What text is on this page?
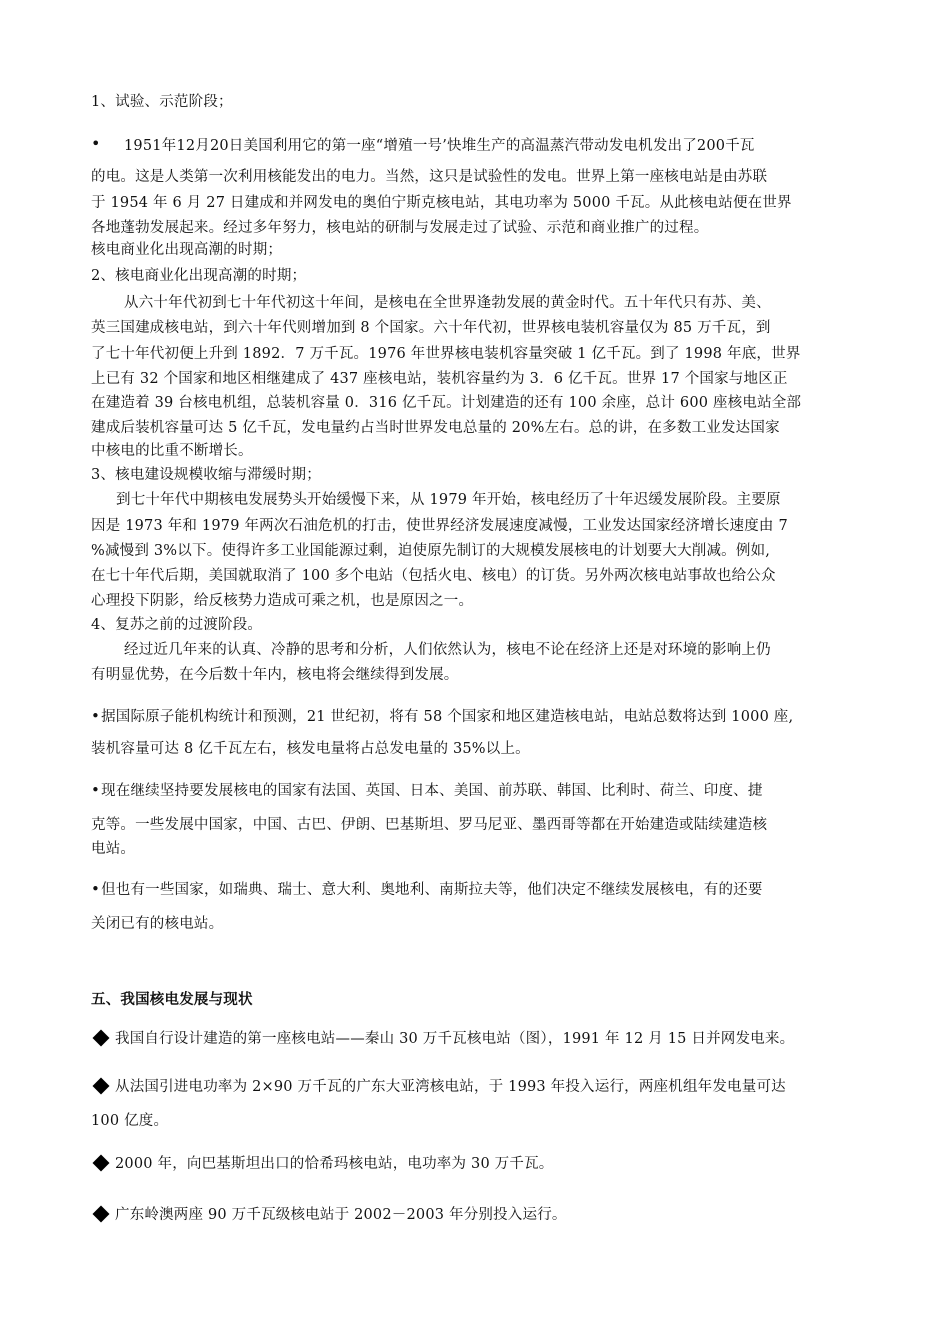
1、试验、示范阶段；
• 1951年12月20日美国利用它的第一座“增殖一号’快堆生产的高温蒸汽带动发电机发出了200千瓦
的电。这是人类第一次利用核能发出的电力。当然，这只是试验性的发电。世界上第一座核电站是由苏联
于 1954 年 6 月 27 日建成和并网发电的奥伯宁斯克核电站，其电功率为 5000 千瓦。从此核电站便在世界
各地蓬勃发展起来。经过多年努力，核电站的研制与发展走过了试验、示范和商业推广的过程。
核电商业化出现高潮的时期；
2、核电商业化出现高潮的时期；
从六十年代初到七十年代初这十年间，是核电在全世界逢勃发展的黄金时代。五十年代只有苏、美、
英三国建成核电站，到六十年代则增加到 8 个国家。六十年代初，世界核电装机容量仅为 85 万千瓦，到
了七十年代初便上升到 1892．7 万千瓦。1976 年世界核电装机容量突破 1 亿千瓦。到了 1998 年底，世界
上已有 32 个国家和地区相继建成了 437 座核电站，装机容量约为 3．6 亿千瓦。世界 17 个国家与地区正
在建造着 39 台核电机组，总装机容量 0．316 亿千瓦。计划建造的还有 100 余座，总计 600 座核电站全部
建成后装机容量可达 5 亿千瓦，发电量约占当时世界发电总量的 20%左右。总的讲，在多数工业发达国家
中核电的比重不断增长。
3、核电建设规模收缩与滞缓时期；
到七十年代中期核电发展势头开始缓慢下来，从 1979 年开始，核电经历了十年迟缓发展阶段。主要原
因是 1973 年和 1979 年两次石油危机的打击，使世界经济发展速度减慢，工业发达国家经济增长速度由 7
%减慢到 3%以下。使得许多工业国能源过剩，迫使原先制订的大规模发展核电的计划要大大削减。例如,
在七十年代后期，美国就取消了 100 多个电站（包括火电、核电）的订货。另外两次核电站事故也给公众
心理投下阴影，给反核势力造成可乘之机，也是原因之一。
4、复苏之前的过渡阶段。
经过近几年来的认真、冷静的思考和分析，人们依然认为，核电不论在经济上还是对环境的影响上仍
有明显优势，在今后数十年内，核电将会继续得到发展。
•据国际原子能机构统计和预测，21 世纪初，将有 58 个国家和地区建造核电站，电站总数将达到 1000 座,
装机容量可达 8 亿千瓦左右，核发电量将占总发电量的 35%以上。
•现在继续坚持要发展核电的国家有法国、英国、日本、美国、前苏联、韩国、比利时、荷兰、印度、捷
克等。一些发展中国家，中国、古巴、伊朗、巴基斯坦、罗马尼亚、墨西哥等都在开始建造或陆续建造核
电站。
•但也有一些国家，如瑞典、瑞士、意大利、奥地利、南斯拉夫等，他们决定不继续发展核电，有的还要
关闭已有的核电站。
五、我国核电发展与现状
我国自行设计建造的第一座核电站——秦山 30 万千瓦核电站（图），1991 年 12 月 15 日并网发电来。
从法国引进电功率为 2×90 万千瓦的广东大亚湾核电站，于 1993 年投入运行，两座机组年发电量可达
100 亿度。
2000 年，向巴基斯坦出口的恰希玛核电站，电功率为 30 万千瓦。
广东岭澳两座 90 万千瓦级核电站于 2002－2003 年分别投入运行。
